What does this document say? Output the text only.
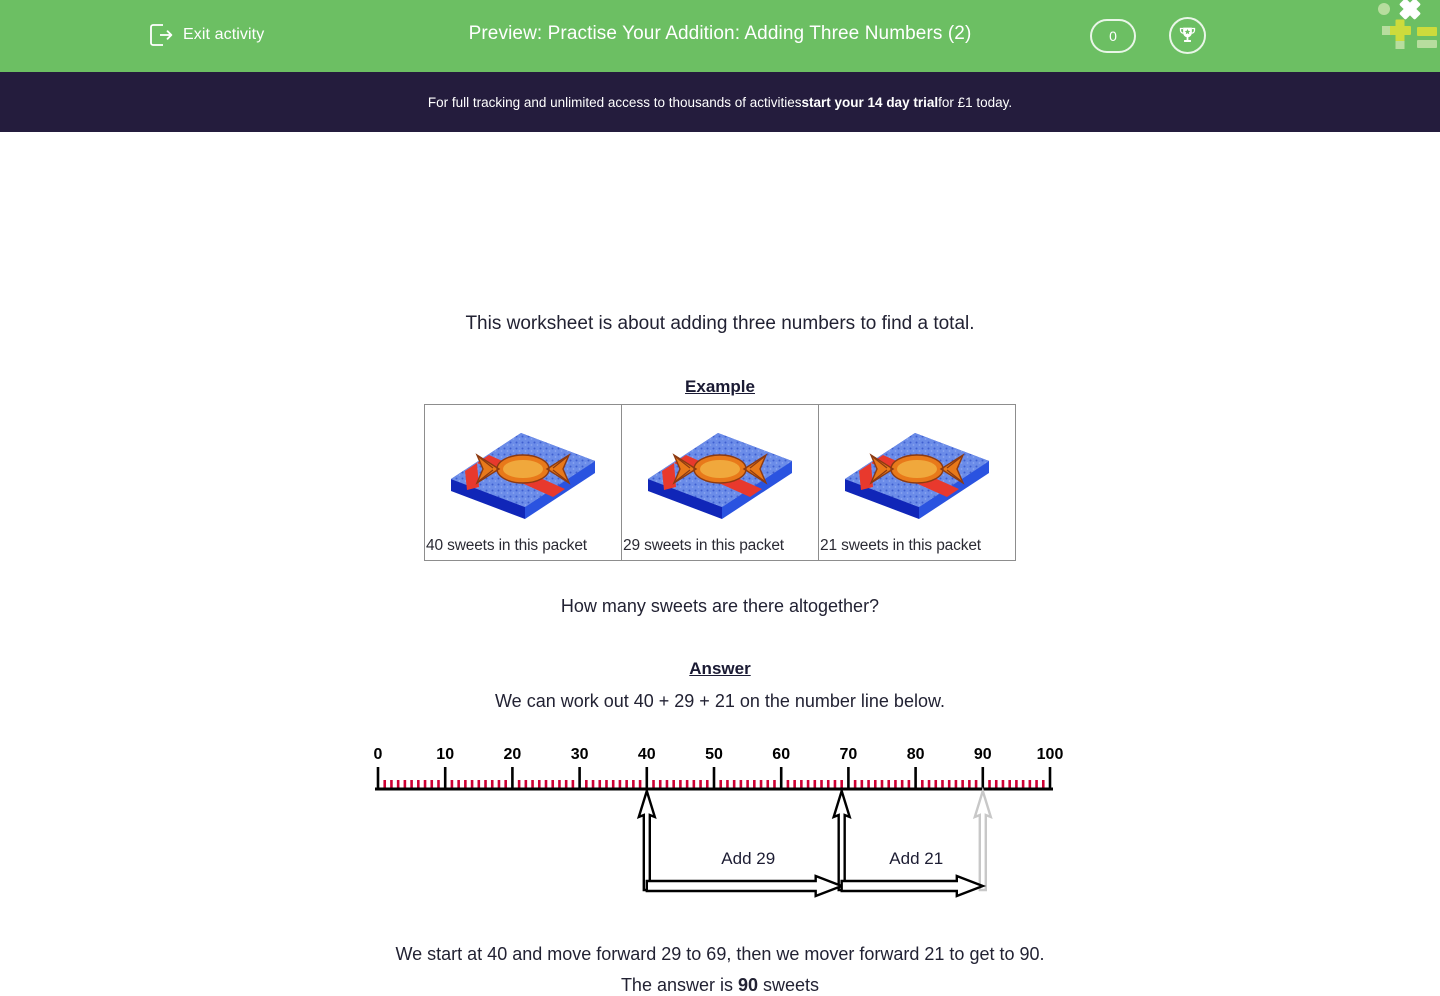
Exit activity	Preview: Practise Your Addition: Adding Three Numbers (2)	0
For full tracking and unlimited access to thousands of activities start your 14 day trial for £1 today.
This worksheet is about adding three numbers to find a total.
Example
40 sweets in this packet	29 sweets in this packet	21 sweets in this packet
How many sweets are there altogether?
Answer
We can work out 40 + 29 + 21 on the number line below.
0	10	20	30	40	50	60	70	80	90	100
Add 29	Add 21
We start at 40 and move forward 29 to 69, then we mover forward 21 to get to 90.
The answer is 90 sweets
